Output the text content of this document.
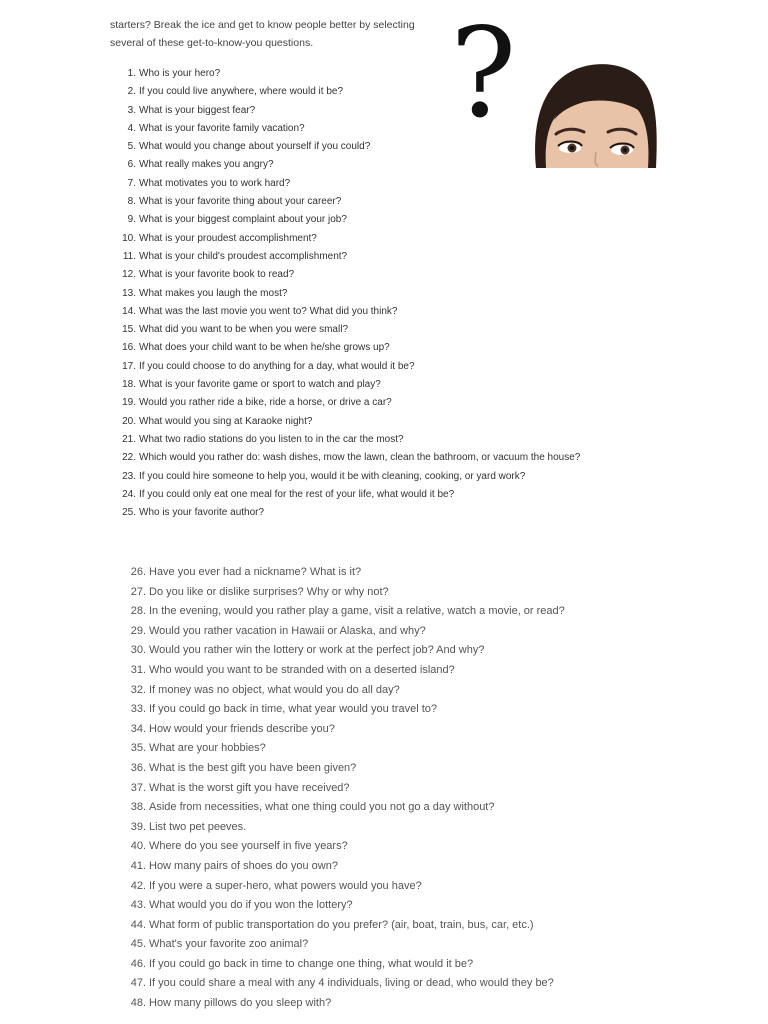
starters? Break the ice and get to know people better by selecting
several of these get-to-know-you questions.	?
1. Who is your hero?
2. If you could live anywhere, where would it be?
3. What is your biggest fear?
4. What is your favorite family vacation?
5. What would you change about yourself if you could?
6. What really makes you angry?
7. What motivates you to work hard?
8. What is your favorite thing about your career?
9. What is your biggest complaint about your job?
10. What is your proudest accomplishment?
11. What is your child's proudest accomplishment?
12. What is your favorite book to read?
13. What makes you laugh the most?
14. What was the last movie you went to? What did you think?
15. What did you want to be when you were small?
16. What does your child want to be when he/she grows up?
17. If you could choose to do anything for a day, what would it be?
18. What is your favorite game or sport to watch and play?
19. Would you rather ride a bike, ride a horse, or drive a car?
20. What would you sing at Karaoke night?
21. What two radio stations do you listen to in the car the most?
22. Which would you rather do: wash dishes, mow the lawn, clean the bathroom, or vacuum the house?
23. If you could hire someone to help you, would it be with cleaning, cooking, or yard work?
24. If you could only eat one meal for the rest of your life, what would it be?
25. Who is your favorite author?
26. Have you ever had a nickname? What is it?
27. Do you like or dislike surprises? Why or why not?
28. In the evening, would you rather play a game, visit a relative, watch a movie, or read?
29. Would you rather vacation in Hawaii or Alaska, and why?
30. Would you rather win the lottery or work at the perfect job? And why?
31. Who would you want to be stranded with on a deserted island?
32. If money was no object, what would you do all day?
33. If you could go back in time, what year would you travel to?
34. How would your friends describe you?
35. What are your hobbies?
36. What is the best gift you have been given?
37. What is the worst gift you have received?
38. Aside from necessities, what one thing could you not go a day without?
39. List two pet peeves.
40. Where do you see yourself in five years?
41. How many pairs of shoes do you own?
42. If you were a super-hero, what powers would you have?
43. What would you do if you won the lottery?
44. What form of public transportation do you prefer? (air, boat, train, bus, car, etc.)
45. What's your favorite zoo animal?
46. If you could go back in time to change one thing, what would it be?
47. If you could share a meal with any 4 individuals, living or dead, who would they be?
48. How many pillows do you sleep with?
